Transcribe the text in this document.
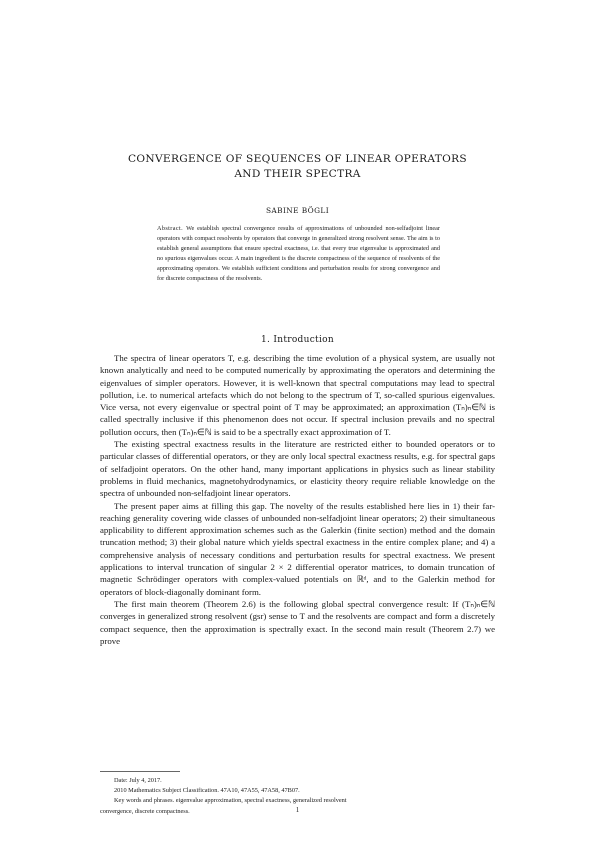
CONVERGENCE OF SEQUENCES OF LINEAR OPERATORS
AND THEIR SPECTRA
SABINE BÖGLI
Abstract. We establish spectral convergence results of approximations of unbounded non-selfadjoint linear operators with compact resolvents by operators that converge in generalized strong resolvent sense. The aim is to establish general assumptions that ensure spectral exactness, i.e. that every true eigenvalue is approximated and no spurious eigenvalues occur. A main ingredient is the discrete compactness of the sequence of resolvents of the approximating operators. We establish sufficient conditions and perturbation results for strong convergence and for discrete compactness of the resolvents.
1. Introduction

The spectra of linear operators T, e.g. describing the time evolution of a physical system, are usually not known analytically and need to be computed numerically by approximating the operators and determining the eigenvalues of simpler operators. However, it is well-known that spectral computations may lead to spectral pollution, i.e. to numerical artefacts which do not belong to the spectrum of T, so-called spurious eigenvalues. Vice versa, not every eigenvalue or spectral point of T may be approximated; an approximation (Tₙ)ₙ∈ℕ is called spectrally inclusive if this phenomenon does not occur. If spectral inclusion prevails and no spectral pollution occurs, then (Tₙ)ₙ∈ℕ is said to be a spectrally exact approximation of T.

The existing spectral exactness results in the literature are restricted either to bounded operators or to particular classes of differential operators, or they are only local spectral exactness results, e.g. for spectral gaps of selfadjoint operators. On the other hand, many important applications in physics such as linear stability problems in fluid mechanics, magnetohydrodynamics, or elasticity theory require reliable knowledge on the spectra of unbounded non-selfadjoint linear operators.

The present paper aims at filling this gap. The novelty of the results established here lies in 1) their far-reaching generality covering wide classes of unbounded non-selfadjoint linear operators; 2) their simultaneous applicability to different approximation schemes such as the Galerkin (finite section) method and the domain truncation method; 3) their global nature which yields spectral exactness in the entire complex plane; and 4) a comprehensive analysis of necessary conditions and perturbation results for spectral exactness. We present applications to interval truncation of singular 2 × 2 differential operator matrices, to domain truncation of magnetic Schrödinger operators with complex-valued potentials on ℝᵈ, and to the Galerkin method for operators of block-diagonally dominant form.

The first main theorem (Theorem 2.6) is the following global spectral convergence result: If (Tₙ)ₙ∈ℕ converges in generalized strong resolvent (gsr) sense to T and the resolvents are compact and form a discretely compact sequence, then the approximation is spectrally exact. In the second main result (Theorem 2.7) we prove

Date: July 4, 2017.
2010 Mathematics Subject Classification. 47A10, 47A55, 47A58, 47B07.
Key words and phrases. eigenvalue approximation, spectral exactness, generalized resolvent
convergence, discrete compactness.	1
